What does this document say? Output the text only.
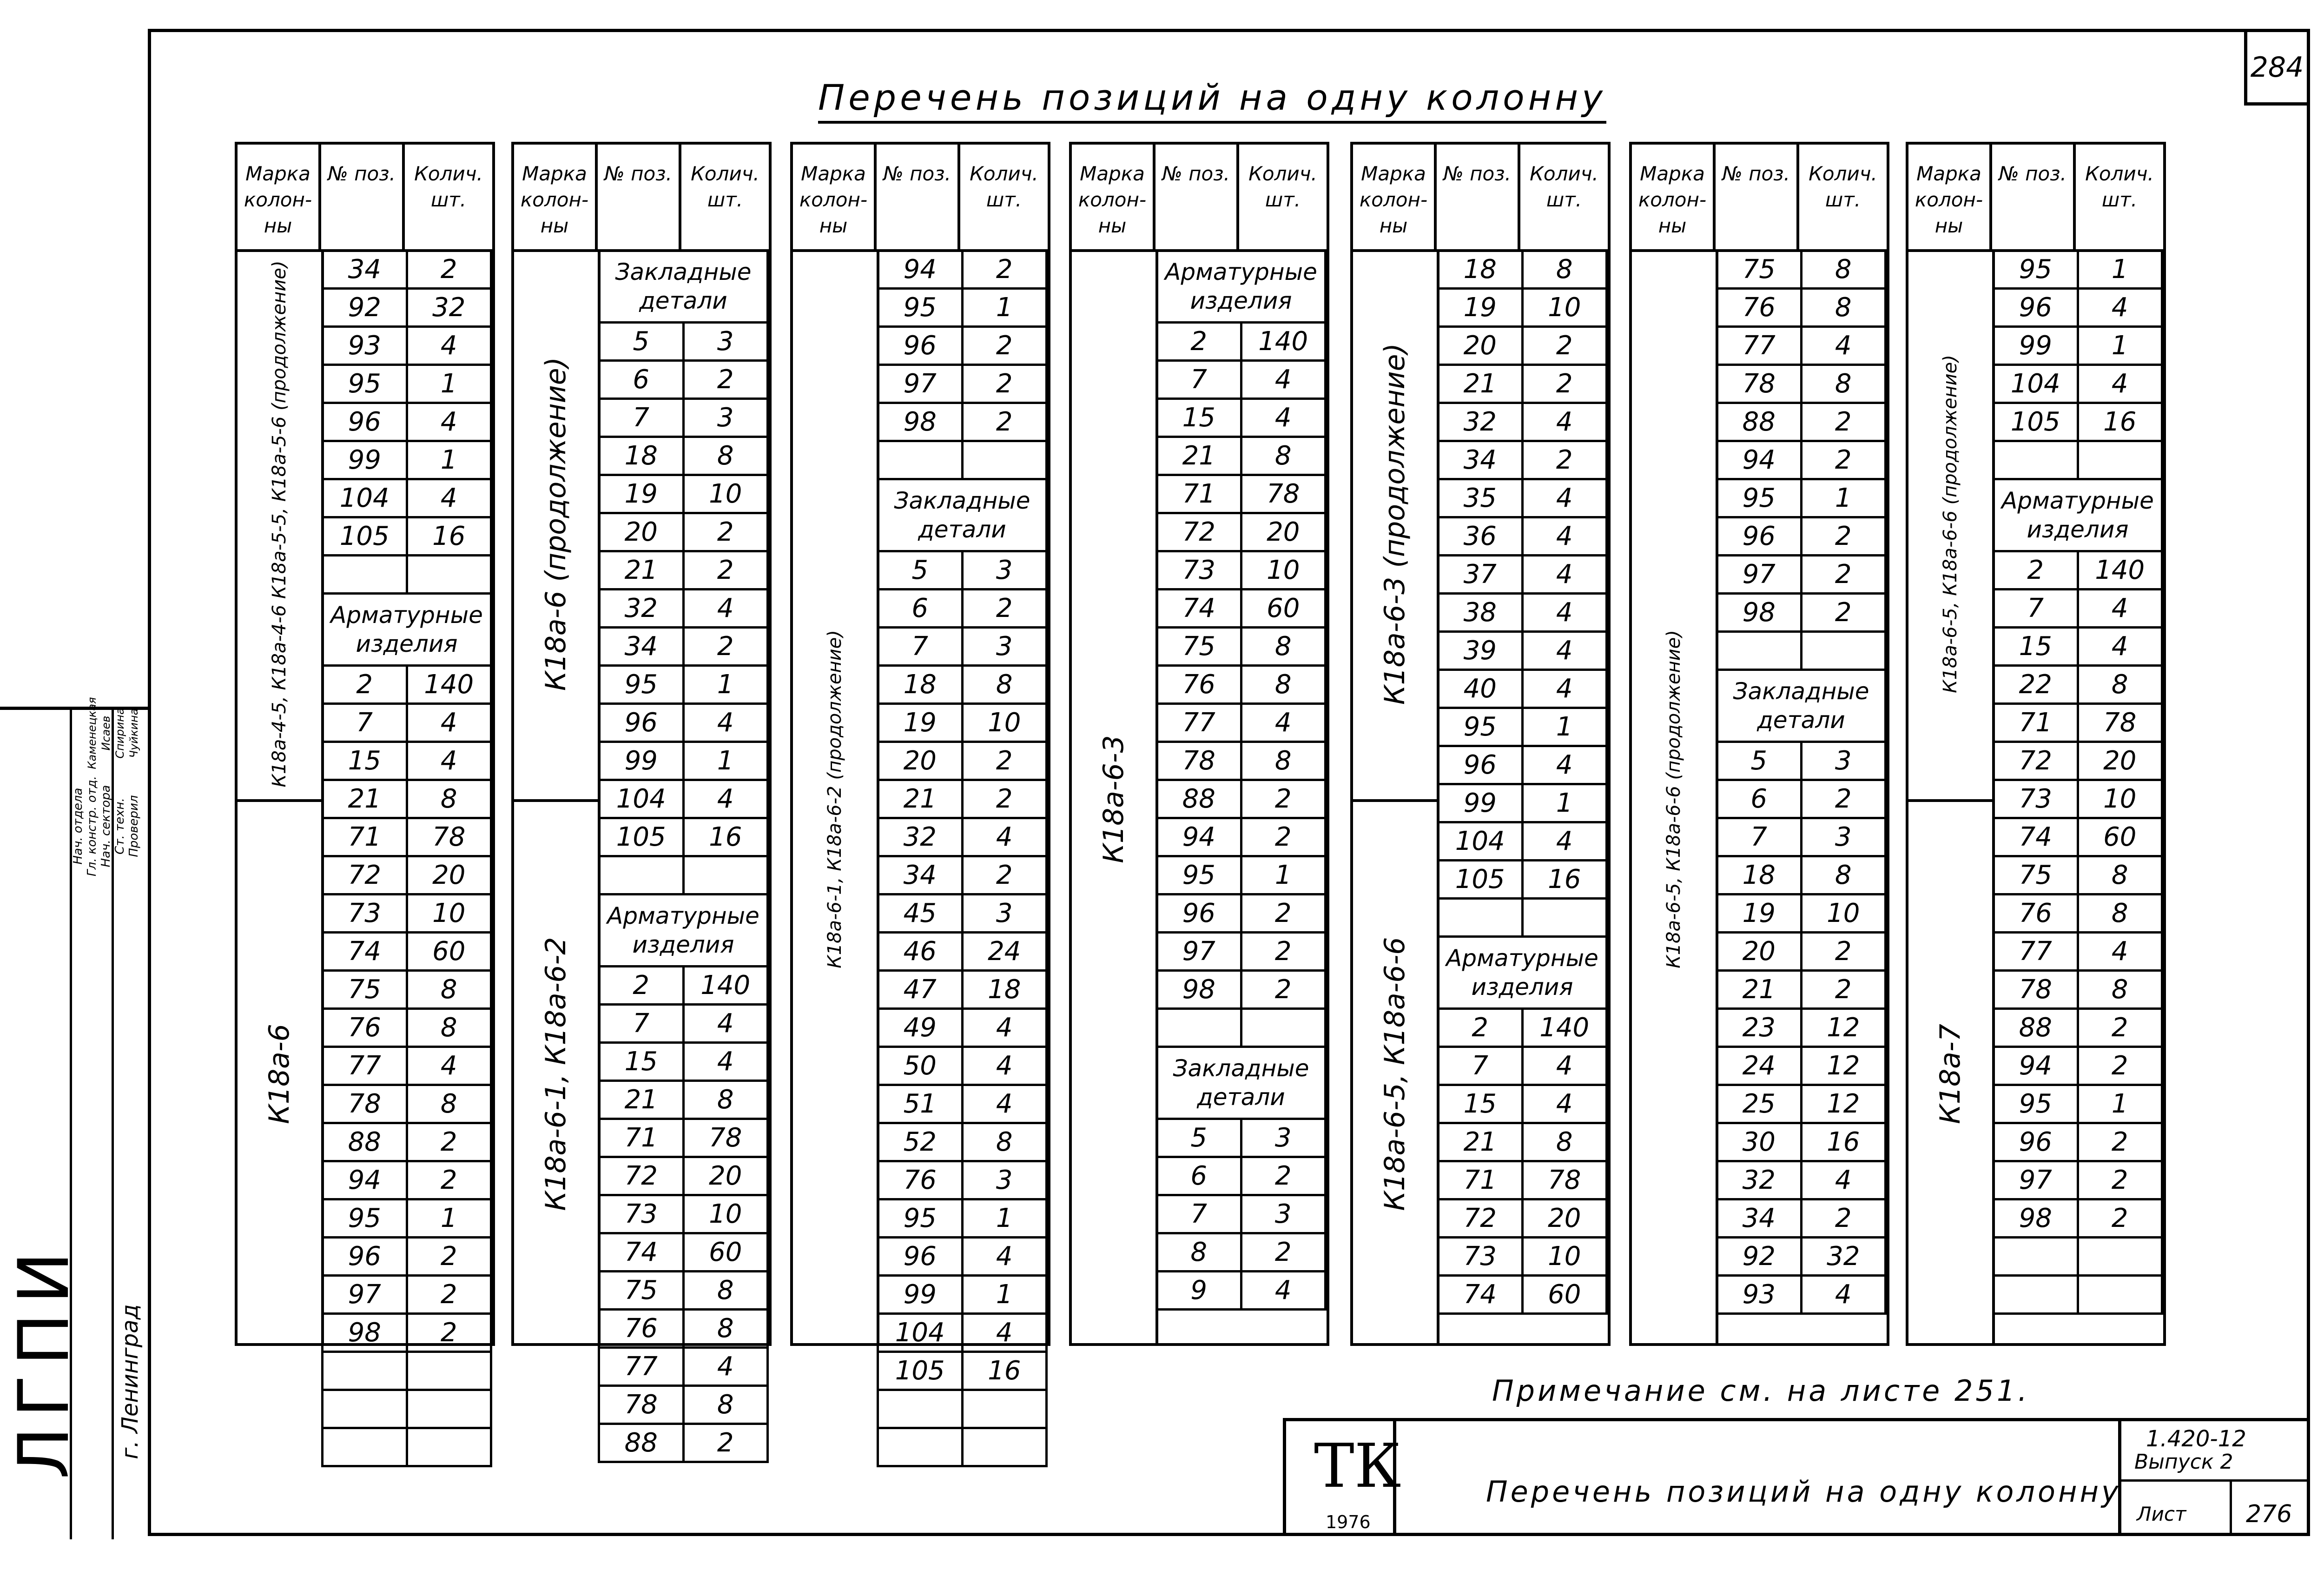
284
Перечень позиций на одну колонну
Марка колон- ны
№ поз. Колич. шт.
34	2
92	32
93	4
95	1
96	4
99	1
104	4
105	16

Арматурные изделия	
2	140
7	4
15	4
21	8
71	78
72	20
73	10
74	60
75	8
76	8
77	4
78	8
88	2
94	2
95	1
96	2
97	2
98	2

К18а-4-5, К18а-4-6 К18а-5-5, К18а-5-6 (продолжение)
К18а-6
Марка колон- ны
№ поз. Колич. шт.
Закладные детали	
5	3
6	2
7	3
18	8
19	10
20	2
21	2
32	4
34	2
95	1
96	4
99	1
104	4
105	16

Арматурные изделия	
2	140
7	4
15	4
21	8
71	78
72	20
73	10
74	60
75	8
76	8
77	4
78	8
88	2
К18а-6 (продолжение)
К18а-6-1, К18а-6-2
Марка колон- ны
№ поз. Колич. шт.
94	2
95	1
96	2
97	2
98	2

Закладные детали	
5	3
6	2
7	3
18	8
19	10
20	2
21	2
32	4
34	2
45	3
46	24
47	18
49	4
50	4
51	4
52	8
76	3
95	1
96	4
99	1
104	4
105	16

К18а-6-1, К18а-6-2 (продолжение)
Марка колон- ны
№ поз. Колич. шт.
Арматурные изделия	
2	140
7	4
15	4
21	8
71	78
72	20
73	10
74	60
75	8
76	8
77	4
78	8
88	2
94	2
95	1
96	2
97	2
98	2

Закладные детали	
5	3
6	2
7	3
8	2
9	4
К18а-6-3
Марка колон- ны
№ поз. Колич. шт.
18	8
19	10
20	2
21	2
32	4
34	2
35	4
36	4
37	4
38	4
39	4
40	4
95	1
96	4
99	1
104	4
105	16

Арматурные изделия	
2	140
7	4
15	4
21	8
71	78
72	20
73	10
74	60
К18а-6-3 (продолжение)
К18а-6-5, К18а-6-6
Марка колон- ны
№ поз. Колич. шт.
75	8
76	8
77	4
78	8
88	2
94	2
95	1
96	2
97	2
98	2

Закладные детали	
5	3
6	2
7	3
18	8
19	10
20	2
21	2
23	12
24	12
25	12
30	16
32	4
34	2
92	32
93	4
К18а-6-5, К18а-6-6 (продолжение)
Марка колон- ны
№ поз. Колич. шт.
95	1
96	4
99	1
104	4
105	16

Арматурные изделия	
2	140
7	4
15	4
22	8
71	78
72	20
73	10
74	60
75	8
76	8
77	4
78	8
88	2
94	2
95	1
96	2
97	2
98	2

К18а-6-5, К18а-6-6 (продолжение)
К18а-7
Примечание см. на листе 251.
ЛГПИ г. Ленинград
Нач. отдела Гл. констр. отд.
Каменецкая
Нач. сектора
Исаев
Ст. техн.
Спирина
Проверил
Чуйкина
ТК
1976
Перечень позиций на одну колонну
1.420-12
Выпуск 2
Лист 276
